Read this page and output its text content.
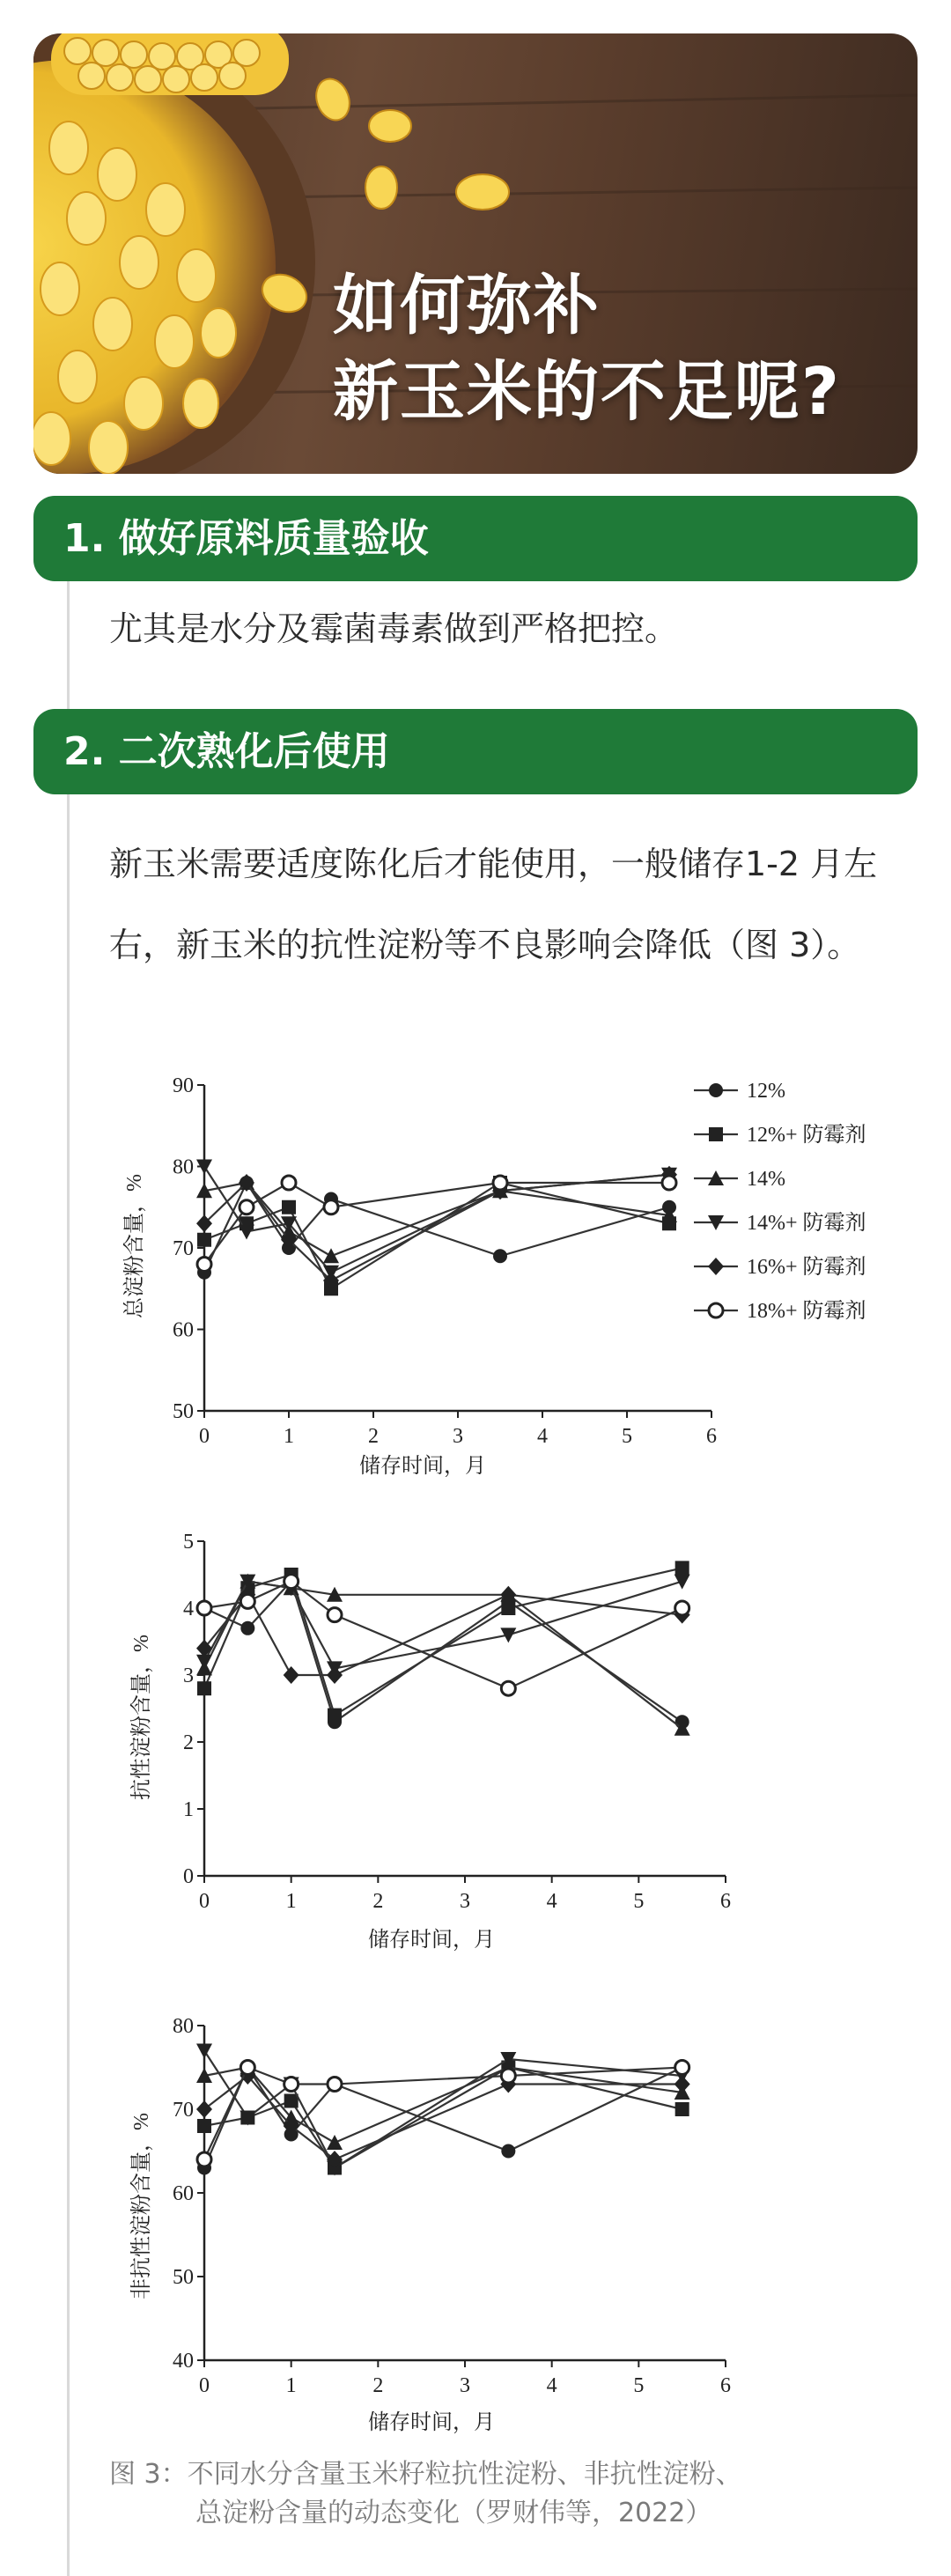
如何弥补
新玉米的不足呢?
1. 做好原料质量验收
尤其是水分及霉菌毒素做到严格把控。
2. 二次熟化后使用
新玉米需要适度陈化后才能使用，一般储存1-2 月左右，新玉米的抗性淀粉等不良影响会降低（图 3）。
50
60
70
80
90
0	1	2	3	4	5	6
总淀粉含量，%
储存时间，月
12%
12%+ 防霉剂
14%
14%+ 防霉剂
16%+ 防霉剂
18%+ 防霉剂
0
1
2
3
4
5
0	1	2	3	4	5	6
抗性淀粉含量，%
储存时间，月
40
50
60
70
80
0	1	2	3	4	5	6
非抗性淀粉含量，%
储存时间，月
图 3：不同水分含量玉米籽粒抗性淀粉、非抗性淀粉、
总淀粉含量的动态变化（罗财伟等，2022）
